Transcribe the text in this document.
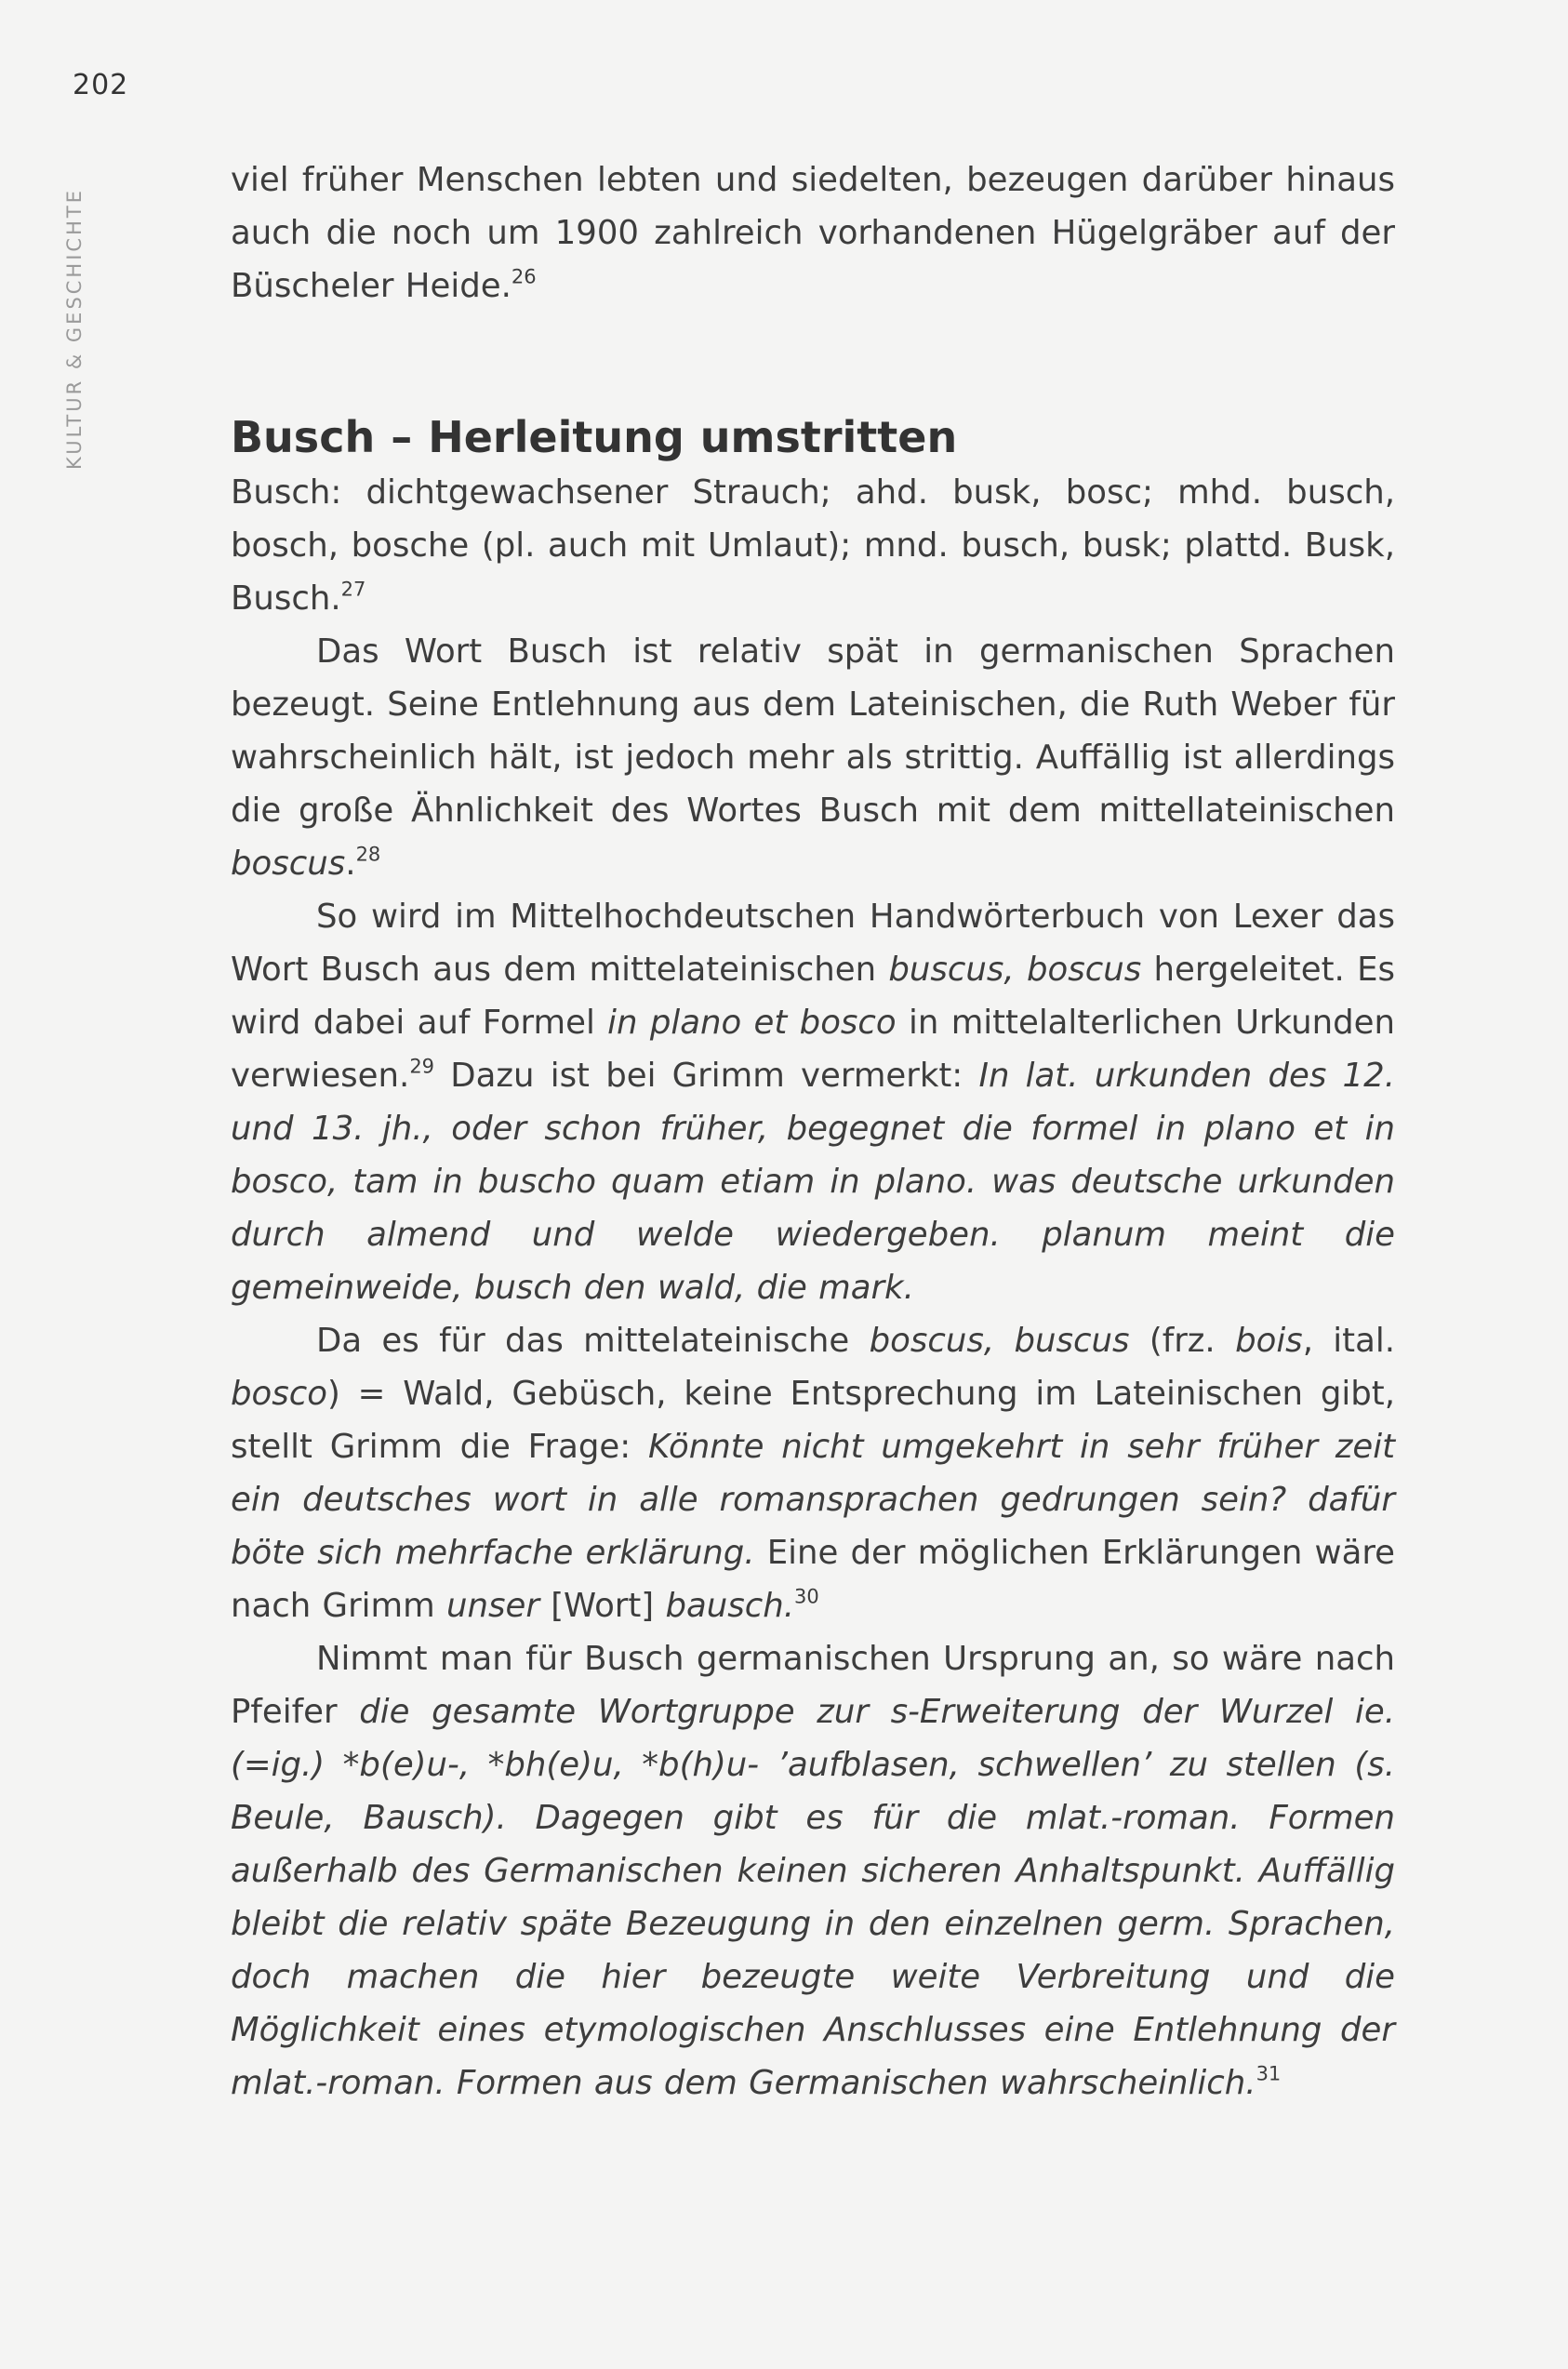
202
KULTUR & GESCHICHTE

viel früher Menschen lebten und siedelten, bezeugen darüber hinaus auch die noch um 1900 zahlreich vorhandenen Hügelgräber auf der Büscheler Heide.$^{26}$

Busch – Herleitung umstritten

Busch: dichtgewachsener Strauch; ahd. busk, bosc; mhd. busch, bosch, bosche (pl. auch mit Umlaut); mnd. busch, busk; plattd. Busk, Busch.$^{27}$

Das Wort Busch ist relativ spät in germanischen Sprachen bezeugt. Seine Entlehnung aus dem Lateinischen, die Ruth Weber für wahrscheinlich hält, ist jedoch mehr als strittig. Auffällig ist allerdings die große Ähnlichkeit des Wortes Busch mit dem mittellateinischen boscus.$^{28}$

So wird im Mittelhochdeutschen Handwörterbuch von Lexer das Wort Busch aus dem mittelateinischen buscus, boscus hergeleitet. Es wird dabei auf Formel in plano et bosco in mittelalterlichen Urkunden verwiesen.$^{29}$ Dazu ist bei Grimm vermerkt: In lat. urkunden des 12. und 13. jh., oder schon früher, begegnet die formel in plano et in bosco, tam in buscho quam etiam in plano. was deutsche urkunden durch almend und welde wiedergeben. planum meint die gemeinweide, busch den wald, die mark.

Da es für das mittelateinische boscus, buscus (frz. bois, ital. bosco) = Wald, Gebüsch, keine Entsprechung im Lateinischen gibt, stellt Grimm die Frage: Könnte nicht umgekehrt in sehr früher zeit ein deutsches wort in alle romansprachen gedrungen sein? dafür böte sich mehrfache erklärung. Eine der möglichen Erklärungen wäre nach Grimm unser [Wort] bausch.$^{30}$

Nimmt man für Busch germanischen Ursprung an, so wäre nach Pfeifer die gesamte Wortgruppe zur s-Erweiterung der Wurzel ie. (=ig.) *b(e)u-, *bh(e)u, *b(h)u- ’aufblasen, schwellen’ zu stellen (s. Beule, Bausch). Dagegen gibt es für die mlat.-roman. Formen außerhalb des Germanischen keinen sicheren Anhaltspunkt. Auffällig bleibt die relativ späte Bezeugung in den einzelnen germ. Sprachen, doch machen die hier bezeugte weite Verbreitung und die Möglichkeit eines etymologischen Anschlusses eine Entlehnung der mlat.-roman. Formen aus dem Germanischen wahrscheinlich.$^{31}$
